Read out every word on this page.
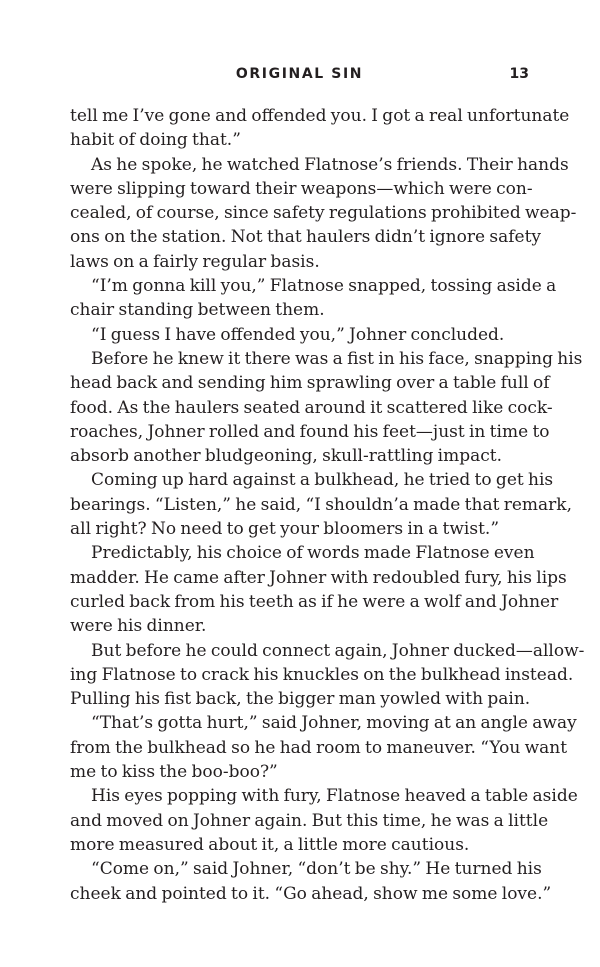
ORIGINAL SIN	13
tell me I’ve gone and offended you. I got a real unfortunate
habit of doing that.”
As he spoke, he watched Flatnose’s friends. Their hands
were slipping toward their weapons—which were con-
cealed, of course, since safety regulations prohibited weap-
ons on the station. Not that haulers didn’t ignore safety
laws on a fairly regular basis.
“I’m gonna kill you,” Flatnose snapped, tossing aside a
chair standing between them.
“I guess I have offended you,” Johner concluded.
Before he knew it there was a fist in his face, snapping his
head back and sending him sprawling over a table full of
food. As the haulers seated around it scattered like cock-
roaches, Johner rolled and found his feet—just in time to
absorb another bludgeoning, skull-rattling impact.
Coming up hard against a bulkhead, he tried to get his
bearings. “Listen,” he said, “I shouldn’a made that remark,
all right? No need to get your bloomers in a twist.”
Predictably, his choice of words made Flatnose even
madder. He came after Johner with redoubled fury, his lips
curled back from his teeth as if he were a wolf and Johner
were his dinner.
But before he could connect again, Johner ducked—allow-
ing Flatnose to crack his knuckles on the bulkhead instead.
Pulling his fist back, the bigger man yowled with pain.
“That’s gotta hurt,” said Johner, moving at an angle away
from the bulkhead so he had room to maneuver. “You want
me to kiss the boo-boo?”
His eyes popping with fury, Flatnose heaved a table aside
and moved on Johner again. But this time, he was a little
more measured about it, a little more cautious.
“Come on,” said Johner, “don’t be shy.” He turned his
cheek and pointed to it. “Go ahead, show me some love.”
